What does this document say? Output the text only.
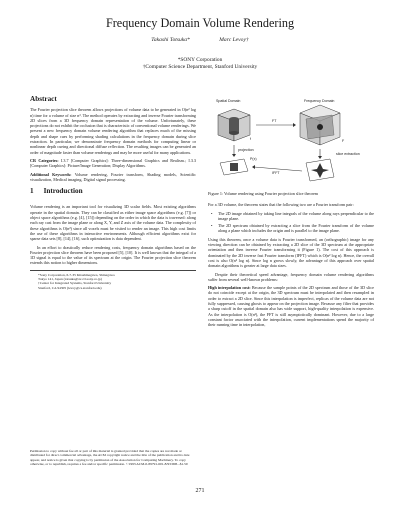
Frequency Domain Volume Rendering
Takashi Totsuka*	Marc Levoy†
*SONY Corporation
†Computer Science Department, Stanford University
Abstract

The Fourier projection slice theorem allows projections of volume data to be generated in O(n² log n) time for a volume of size n³. The method operates by extracting and inverse Fourier transforming 2D slices from a 3D frequency domain representation of the volume. Unfortunately, these projections do not exhibit the occlusion that is characteristic of conventional volume renderings. We present a new frequency domain volume rendering algorithm that replaces much of the missing depth and shape cues by performing shading calculations in the frequency domain during slice extraction. In particular, we demonstrate frequency domain methods for computing linear or nonlinear depth cueing and directional diffuse reflection. The resulting images can be generated an order of magnitude faster than volume renderings and may be more useful for many applications.

CR Categories: I.3.7 [Computer Graphics]: Three-dimensional Graphics and Realism.; I.3.3 [Computer Graphics]: Picture/Image Generation; Display Algorithms.

Additional Keywords: Volume rendering, Fourier transform, Shading models, Scientific visualization, Medical imaging, Digital signal processing.

1 Introduction

Volume rendering is an important tool for visualizing 3D scalar fields. Most existing algorithms operate in the spatial domain. They can be classified as either image space algorithms (e.g. [7]) or object space algorithms (e.g. [4], [15]) depending on the order in which the data is traversed: along each ray cast from the image plane or along X, Y, and Z axis of the volume data. The complexity of these algorithms is O(n³) since all voxels must be visited to render an image. This high cost limits the use of these algorithms in interactive environments. Although efficient algorithms exist for sparse data sets [8], [14], [16], such optimization is data dependent.

In an effort to drastically reduce rendering costs, frequency domain algorithms based on the Fourier projection slice theorem have been proposed [5], [10]. It is well known that the integral of a 1D signal is equal to the value of its spectrum at the origin. The Fourier projection slice theorem extends this notion to higher dimensions.

*Sony Corporation, 6-7-35 Kitashinagawa, Shinagawa
Tokyo 141, Japan (totsuka@av.crl.sony.co.jp)
†Center for Integrated Systems, Stanford University
Stanford, CA 94305 (levoy@cs.stanford.edu)
Permission to copy without fee all or part of this material is granted provided that the copies are not made or distributed for direct commercial advantage, the ACM copyright notice and the title of the publication and its date appear, and notice is given that copying is by permission of the Association for Computing Machinery. To copy otherwise, or to republish, requires a fee and/or specific permission. ©1993 ACM-0-89791-601-8/93/008...$1.50
Spatial Domain	Frequency Domain
f	F
FT
projection
P(x)
slice extraction
IFFT
Figure 1: Volume rendering using Fourier projection slice theorem

For a 3D volume, the theorem states that the following two are a Fourier transform pair:

• The 2D image obtained by taking line integrals of the volume along rays perpendicular to the image plane.
• The 2D spectrum obtained by extracting a slice from the Fourier transform of the volume along a plane which includes the origin and is parallel to the image plane.

Using this theorem, once a volume data is Fourier transformed, an (orthographic) image for any viewing direction can be obtained by extracting a 2D slice of the 3D spectrum at the appropriate orientation and then inverse Fourier transforming it (Figure 1). The cost of this approach is dominated by the 2D inverse fast Fourier transform (IFFT) which is O(n² log n). Hence, the overall cost is also O(n² log n). Since log n grows slowly, the advantage of this approach over spatial domain algorithms is greater at large data sizes.

Despite their theoretical speed advantage, frequency domain volume rendering algorithms suffer from several well-known problems:

High interpolation cost: Because the sample points of the 2D spectrum and those of the 3D slice do not coincide except at the origin, the 3D spectrum must be interpolated and then resampled in order to extract a 2D slice. Since this interpolation is imperfect, replicas of the volume data are not fully suppressed, causing ghosts to appear on the projection image. Because any filter that provides a sharp cutoff in the spatial domain also has wide support, high-quality interpolation is expensive. As the interpolation is O(n²), the FFT is still asymptotically dominant. However, due to a large constant factor associated with the interpolation, current implementations spend the majority of their running time in interpolation,

271
